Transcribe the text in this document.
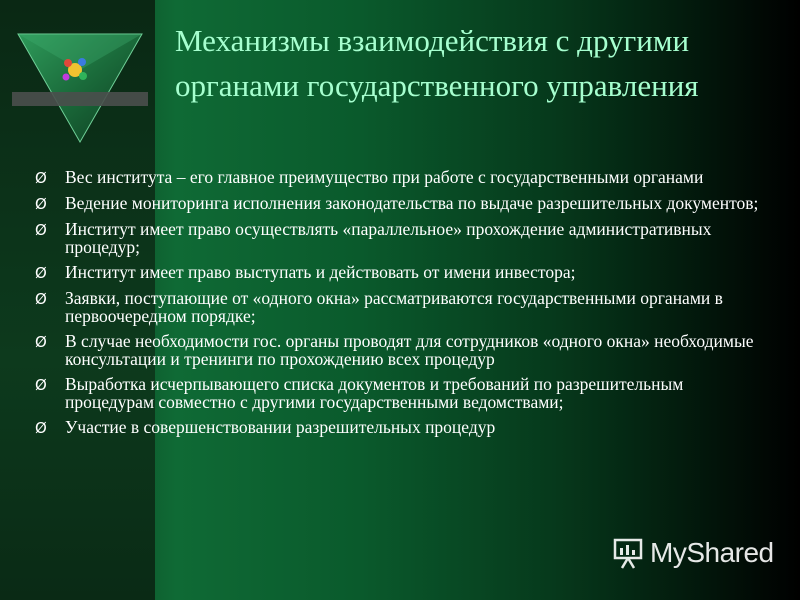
Механизмы взаимодействия с другими органами государственного управления
Ø	Вес института – его главное преимущество при работе с государственными органами
Ø	Ведение мониторинга исполнения законодательства по выдаче разрешительных документов;
Ø	Институт имеет право осуществлять «параллельное» прохождение административных процедур;
Ø	Институт имеет право выступать и действовать от имени инвестора;
Ø	Заявки, поступающие от «одного окна» рассматриваются государственными органами в первоочередном порядке;
Ø	В случае необходимости гос. органы проводят для сотрудников «одного окна» необходимые консультации и тренинги по прохождению всех процедур
Ø	Выработка исчерпывающего списка документов и требований по разрешительным процедурам совместно с другими государственными ведомствами;
Ø	Участие в совершенствовании разрешительных процедур
MyShared
